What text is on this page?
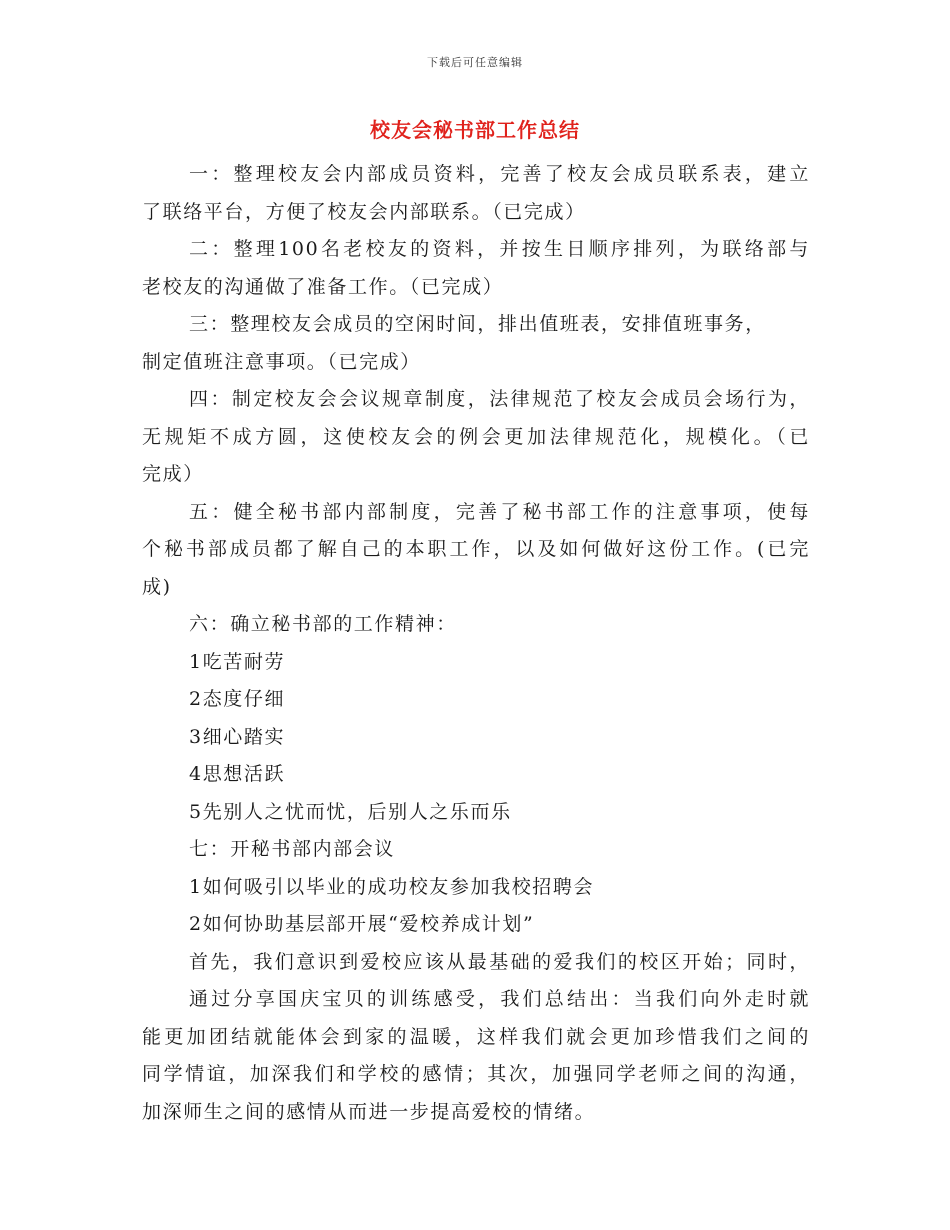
下载后可任意编辑
校友会秘书部工作总结
一：整理校友会内部成员资料，完善了校友会成员联系表，建立
了联络平台，方便了校友会内部联系。（已完成）
二：整理100名老校友的资料，并按生日顺序排列，为联络部与
老校友的沟通做了准备工作。（已完成）
三：整理校友会成员的空闲时间，排出值班表，安排值班事务，
制定值班注意事项。（已完成）
四：制定校友会会议规章制度，法律规范了校友会成员会场行为，
无规矩不成方圆，这使校友会的例会更加法律规范化，规模化。（已
完成）
五：健全秘书部内部制度，完善了秘书部工作的注意事项，使每
个秘书部成员都了解自己的本职工作，以及如何做好这份工作。(已完
成)
六：确立秘书部的工作精神：
1吃苦耐劳
2态度仔细
3细心踏实
4思想活跃
5先别人之忧而忧，后别人之乐而乐
七：开秘书部内部会议
1如何吸引以毕业的成功校友参加我校招聘会
2如何协助基层部开展“爱校养成计划”
首先，我们意识到爱校应该从最基础的爱我们的校区开始；同时，
通过分享国庆宝贝的训练感受，我们总结出：当我们向外走时就
能更加团结就能体会到家的温暖，这样我们就会更加珍惜我们之间的
同学情谊，加深我们和学校的感情；其次，加强同学老师之间的沟通，
加深师生之间的感情从而进一步提高爱校的情绪。
